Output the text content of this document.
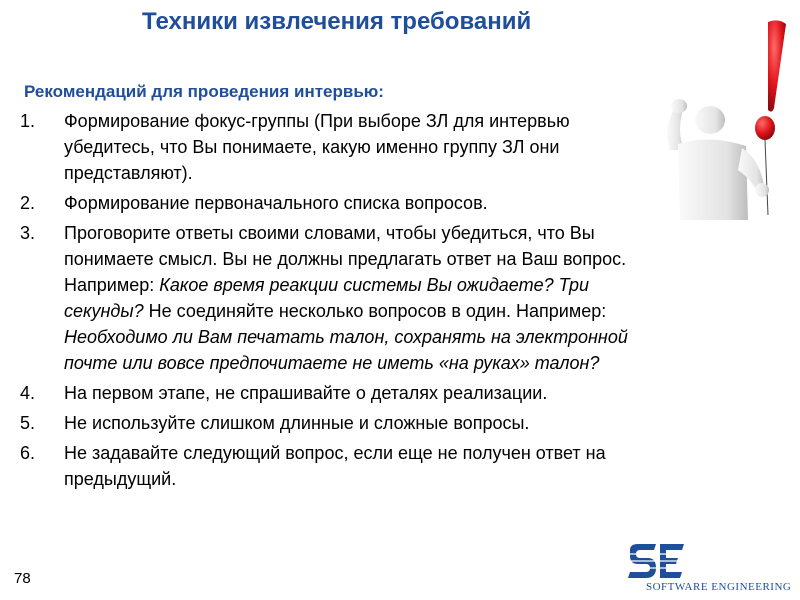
Техники извлечения требований
Рекомендаций для проведения интервью:
1. Формирование фокус-группы (При выборе ЗЛ для интервью
убедитесь, что Вы понимаете, какую именно группу ЗЛ они
представляют).
2. Формирование первоначального списка вопросов.
3. Проговорите ответы своими словами, чтобы убедиться, что Вы
понимаете смысл. Вы не должны предлагать ответ на Ваш вопрос.
Например: Какое время реакции системы Вы ожидаете? Три
секунды? Не соединяйте несколько вопросов в один. Например:
Необходимо ли Вам печатать талон, сохранять на электронной
почте или вовсе предпочитаете не иметь «на руках» талон?
4. На первом этапе, не спрашивайте о деталях реализации.
5. Не используйте слишком длинные и сложные вопросы.
6. Не задавайте следующий вопрос, если еще не получен ответ на
предыдущий.
78	SOFTWARE ENGINEERING
